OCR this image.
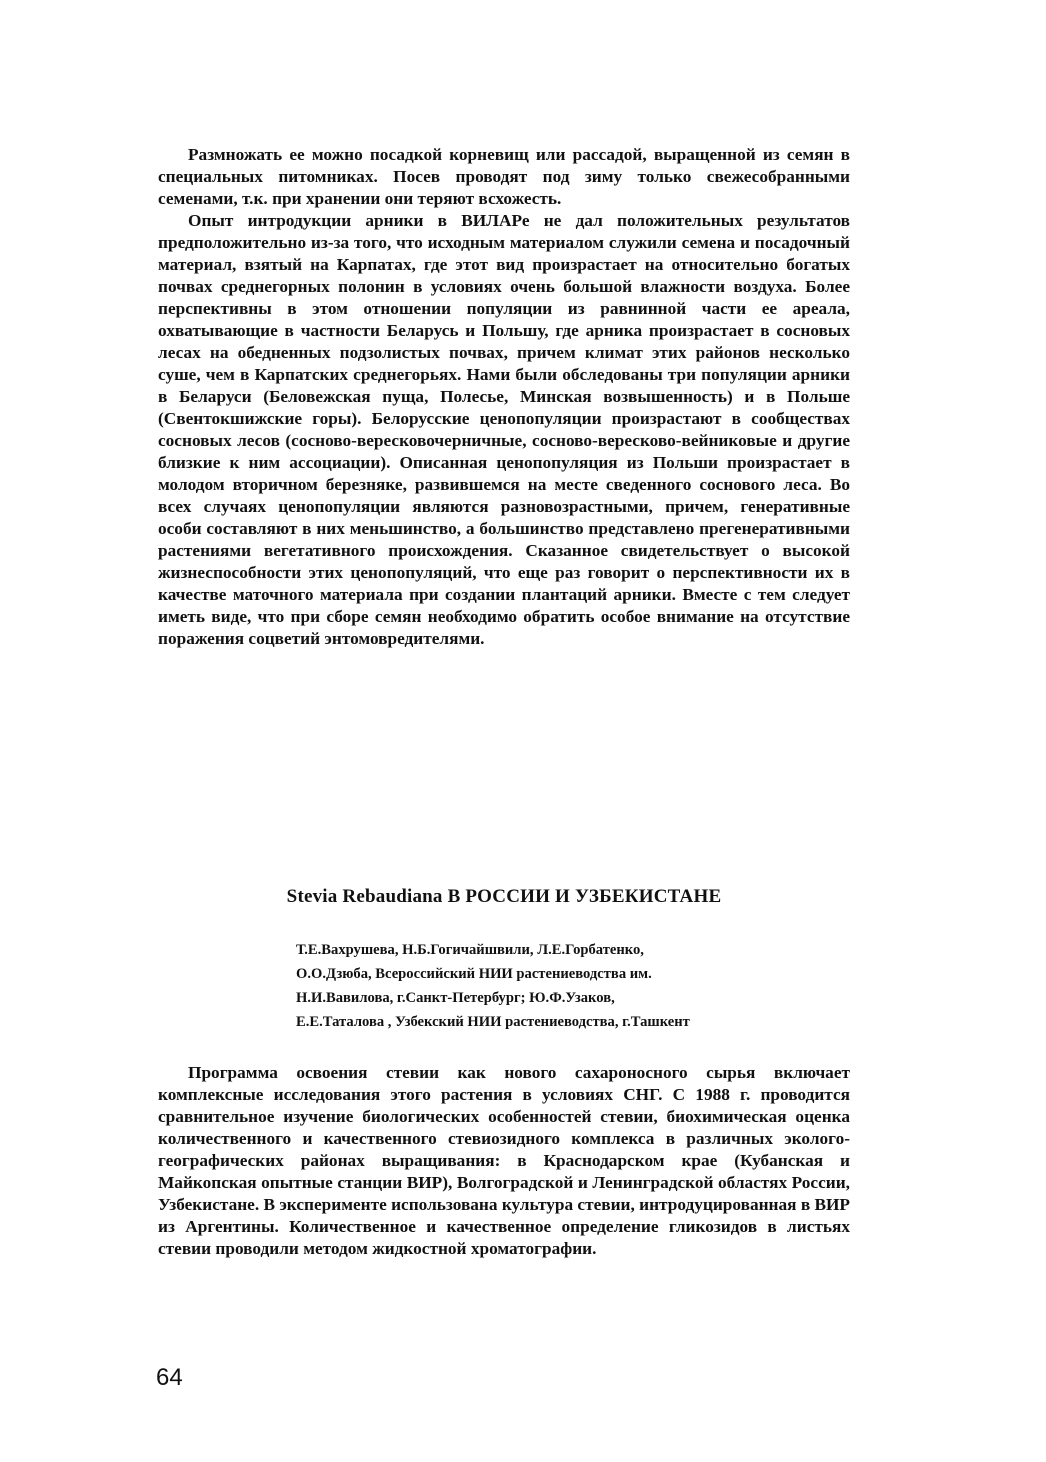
Размножать ее можно посадкой корневищ или рассадой, выращенной из семян в специальных питомниках. Посев проводят под зиму только свежесобранными семенами, т.к. при хранении они теряют всхожесть.

Опыт интродукции арники в ВИЛАРе не дал положительных результатов предположительно из-за того, что исходным материалом служили семена и посадочный материал, взятый на Карпатах, где этот вид произрастает на относительно богатых почвах среднегорных полонин в условиях очень большой влажности воздуха. Более перспективны в этом отношении популяции из равнинной части ее ареала, охватывающие в частности Беларусь и Польшу, где арника произрастает в сосновых лесах на обедненных подзолистых почвах, причем климат этих районов несколько суше, чем в Карпатских среднегорьях. Нами были обследованы три популяции арники в Беларуси (Беловежская пуща, Полесье, Минская возвышенность) и в Польше (Свентокшижские горы). Белорусские ценопопуляции произрастают в сообществах сосновых лесов (сосново-вересковочерничные, сосново-вересково-вейниковые и другие близкие к ним ассоциации). Описанная ценопопуляция из Польши произрастает в молодом вторичном березняке, развившемся на месте сведенного соснового леса. Во всех случаях ценопопуляции являются разновозрастными, причем, генеративные особи составляют в них меньшинство, а большинство представлено прегенеративными растениями вегетативного происхождения. Сказанное свидетельствует о высокой жизнеспособности этих ценопопуляций, что еще раз говорит о перспективности их в качестве маточного материала при создании плантаций арники. Вместе с тем следует иметь виде, что при сборе семян необходимо обратить особое внимание на отсутствие поражения соцветий энтомовредителями.

Stevia Rebaudiana В РОССИИ И УЗБЕКИСТАНЕ
Т.Е.Вахрушева, Н.Б.Гогичайшвили, Л.Е.Горбатенко,
О.О.Дзюба, Всероссийский НИИ растениеводства им.
Н.И.Вавилова, г.Санкт-Петербург; Ю.Ф.Узаков,
Е.Е.Таталова , Узбекский НИИ растениеводства, г.Ташкент

Программа освоения стевии как нового сахароносного сырья включает комплексные исследования этого растения в условиях СНГ. С 1988 г. проводится сравнительное изучение биологических особенностей стевии, биохимическая оценка количественного и качественного стевиозидного комплекса в различных эколого-географических районах выращивания: в Краснодарском крае (Кубанская и Майкопская опытные станции ВИР), Волгоградской и Ленинградской областях России, Узбекистане. В эксперименте использована культура стевии, интродуцированная в ВИР из Аргентины. Количественное и качественное определение гликозидов в листьях стевии проводили методом жидкостной хроматографии.

64
